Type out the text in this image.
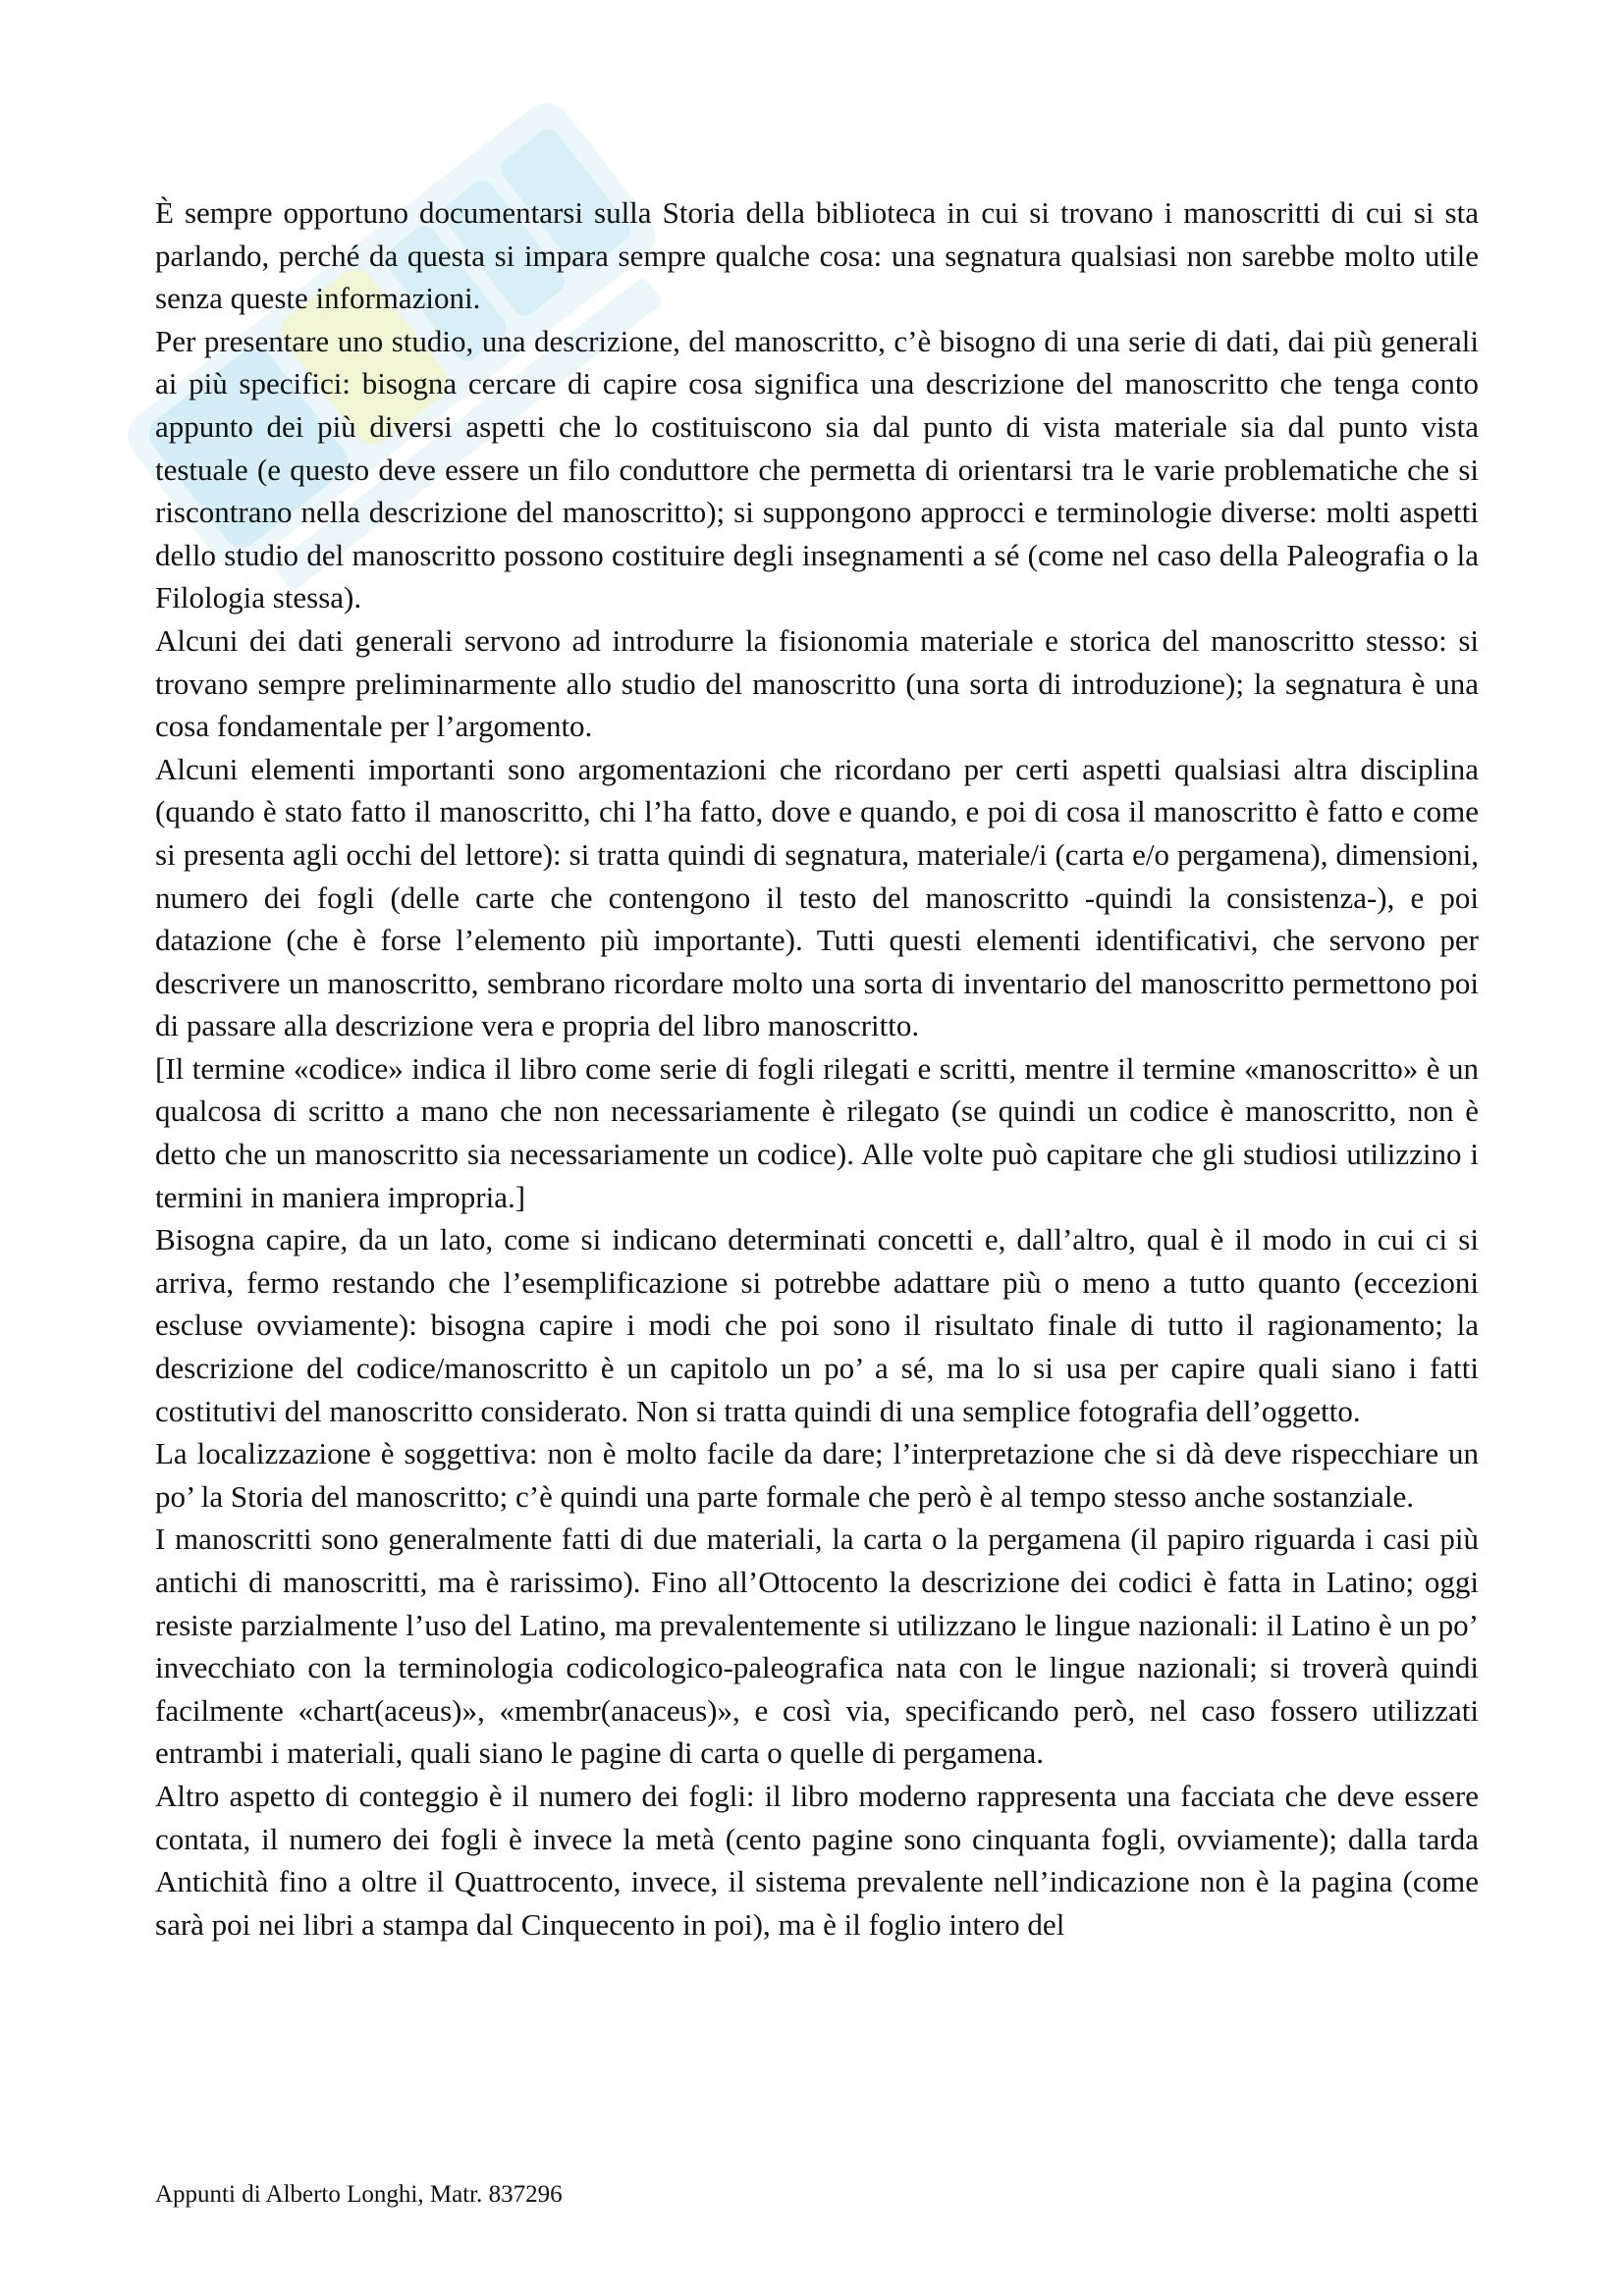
È sempre opportuno documentarsi sulla Storia della biblioteca in cui si trovano i manoscritti di cui si sta parlando, perché da questa si impara sempre qualche cosa: una segnatura qualsiasi non sarebbe molto utile senza queste informazioni.

Per presentare uno studio, una descrizione, del manoscritto, c’è bisogno di una serie di dati, dai più generali ai più specifici: bisogna cercare di capire cosa significa una descrizione del manoscritto che tenga conto appunto dei più diversi aspetti che lo costituiscono sia dal punto di vista materiale sia dal punto vista testuale (e questo deve essere un filo conduttore che permetta di orientarsi tra le varie problematiche che si riscontrano nella descrizione del manoscritto); si suppongono approcci e terminologie diverse: molti aspetti dello studio del manoscritto possono costituire degli insegnamenti a sé (come nel caso della Paleografia o la Filologia stessa).

Alcuni dei dati generali servono ad introdurre la fisionomia materiale e storica del manoscritto stesso: si trovano sempre preliminarmente allo studio del manoscritto (una sorta di introduzione); la segnatura è una cosa fondamentale per l’argomento.

Alcuni elementi importanti sono argomentazioni che ricordano per certi aspetti qualsiasi altra disciplina (quando è stato fatto il manoscritto, chi l’ha fatto, dove e quando, e poi di cosa il manoscritto è fatto e come si presenta agli occhi del lettore): si tratta quindi di segnatura, materiale/i (carta e/o pergamena), dimensioni, numero dei fogli (delle carte che contengono il testo del manoscritto -quindi la consistenza-), e poi datazione (che è forse l’elemento più importante). Tutti questi elementi identificativi, che servono per descrivere un manoscritto, sembrano ricordare molto una sorta di inventario del manoscritto permettono poi di passare alla descrizione vera e propria del libro manoscritto.

[Il termine «codice» indica il libro come serie di fogli rilegati e scritti, mentre il termine «manoscritto» è un qualcosa di scritto a mano che non necessariamente è rilegato (se quindi un codice è manoscritto, non è detto che un manoscritto sia necessariamente un codice). Alle volte può capitare che gli studiosi utilizzino i termini in maniera impropria.]

Bisogna capire, da un lato, come si indicano determinati concetti e, dall’altro, qual è il modo in cui ci si arriva, fermo restando che l’esemplificazione si potrebbe adattare più o meno a tutto quanto (eccezioni escluse ovviamente): bisogna capire i modi che poi sono il risultato finale di tutto il ragionamento; la descrizione del codice/manoscritto è un capitolo un po’ a sé, ma lo si usa per capire quali siano i fatti costitutivi del manoscritto considerato. Non si tratta quindi di una semplice fotografia dell’oggetto.

La localizzazione è soggettiva: non è molto facile da dare; l’interpretazione che si dà deve rispecchiare un po’ la Storia del manoscritto; c’è quindi una parte formale che però è al tempo stesso anche sostanziale.

I manoscritti sono generalmente fatti di due materiali, la carta o la pergamena (il papiro riguarda i casi più antichi di manoscritti, ma è rarissimo). Fino all’Ottocento la descrizione dei codici è fatta in Latino; oggi resiste parzialmente l’uso del Latino, ma prevalentemente si utilizzano le lingue nazionali: il Latino è un po’ invecchiato con la terminologia codicologico-paleografica nata con le lingue nazionali; si troverà quindi facilmente «chart(aceus)», «membr(anaceus)», e così via, specificando però, nel caso fossero utilizzati entrambi i materiali, quali siano le pagine di carta o quelle di pergamena.

Altro aspetto di conteggio è il numero dei fogli: il libro moderno rappresenta una facciata che deve essere contata, il numero dei fogli è invece la metà (cento pagine sono cinquanta fogli, ovviamente); dalla tarda Antichità fino a oltre il Quattrocento, invece, il sistema prevalente nell’indicazione non è la pagina (come sarà poi nei libri a stampa dal Cinquecento in poi), ma è il foglio intero del

Appunti di Alberto Longhi, Matr. 837296
